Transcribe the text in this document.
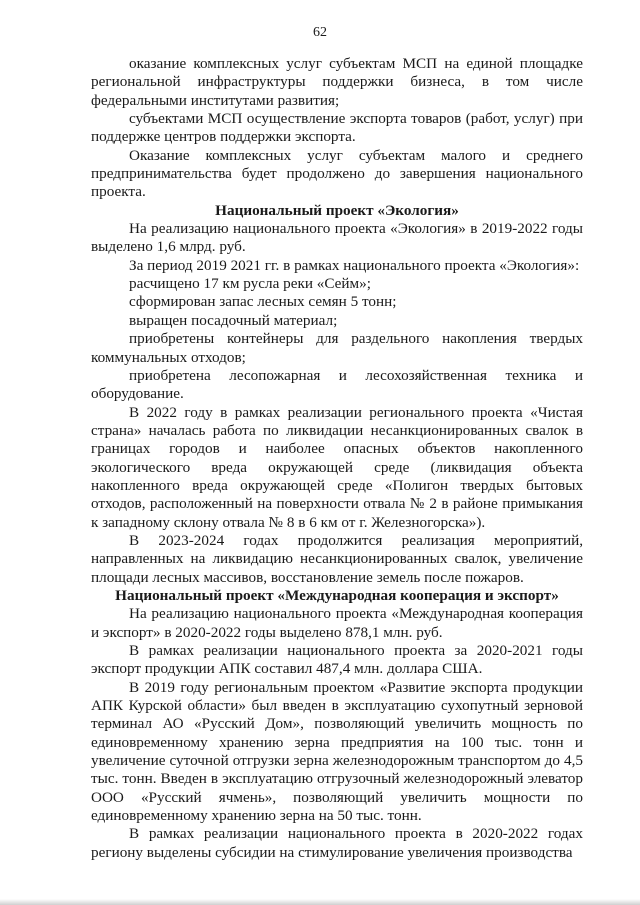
62

оказание комплексных услуг субъектам МСП на единой площадке региональной инфраструктуры поддержки бизнеса, в том числе федеральными институтами развития;

субъектами МСП осуществление экспорта товаров (работ, услуг) при поддержке центров поддержки экспорта.

Оказание комплексных услуг субъектам малого и среднего предпринимательства будет продолжено до завершения национального проекта.

Национальный проект «Экология»

На реализацию национального проекта «Экология» в 2019-2022 годы выделено 1,6 млрд. руб.

За период 2019 2021 гг. в рамках национального проекта «Экология»:

расчищено 17 км русла реки «Сейм»;

сформирован запас лесных семян 5 тонн;

выращен посадочный материал;

приобретены контейнеры для раздельного накопления твердых коммунальных отходов;

приобретена лесопожарная и лесохозяйственная техника и оборудование.

В 2022 году в рамках реализации регионального проекта «Чистая страна» началась работа по ликвидации несанкционированных свалок в границах городов и наиболее опасных объектов накопленного экологического вреда окружающей среде (ликвидация объекта накопленного вреда окружающей среде «Полигон твердых бытовых отходов, расположенный на поверхности отвала № 2 в районе примыкания к западному склону отвала № 8 в 6 км от г. Железногорска»).

В 2023-2024 годах продолжится реализация мероприятий, направленных на ликвидацию несанкционированных свалок, увеличение площади лесных массивов, восстановление земель после пожаров.

Национальный проект «Международная кооперация и экспорт»

На реализацию национального проекта «Международная кооперация и экспорт» в 2020-2022 годы выделено 878,1 млн. руб.

В рамках реализации национального проекта за 2020-2021 годы экспорт продукции АПК составил 487,4 млн. доллара США.

В 2019 году региональным проектом «Развитие экспорта продукции АПК Курской области» был введен в эксплуатацию сухопутный зерновой терминал АО «Русский Дом», позволяющий увеличить мощность по единовременному хранению зерна предприятия на 100 тыс. тонн и увеличение суточной отгрузки зерна железнодорожным транспортом до 4,5 тыс. тонн. Введен в эксплуатацию отгрузочный железнодорожный элеватор ООО «Русский ячмень», позволяющий увеличить мощности по единовременному хранению зерна на 50 тыс. тонн.

В рамках реализации национального проекта в 2020-2022 годах региону выделены субсидии на стимулирование увеличения производства
